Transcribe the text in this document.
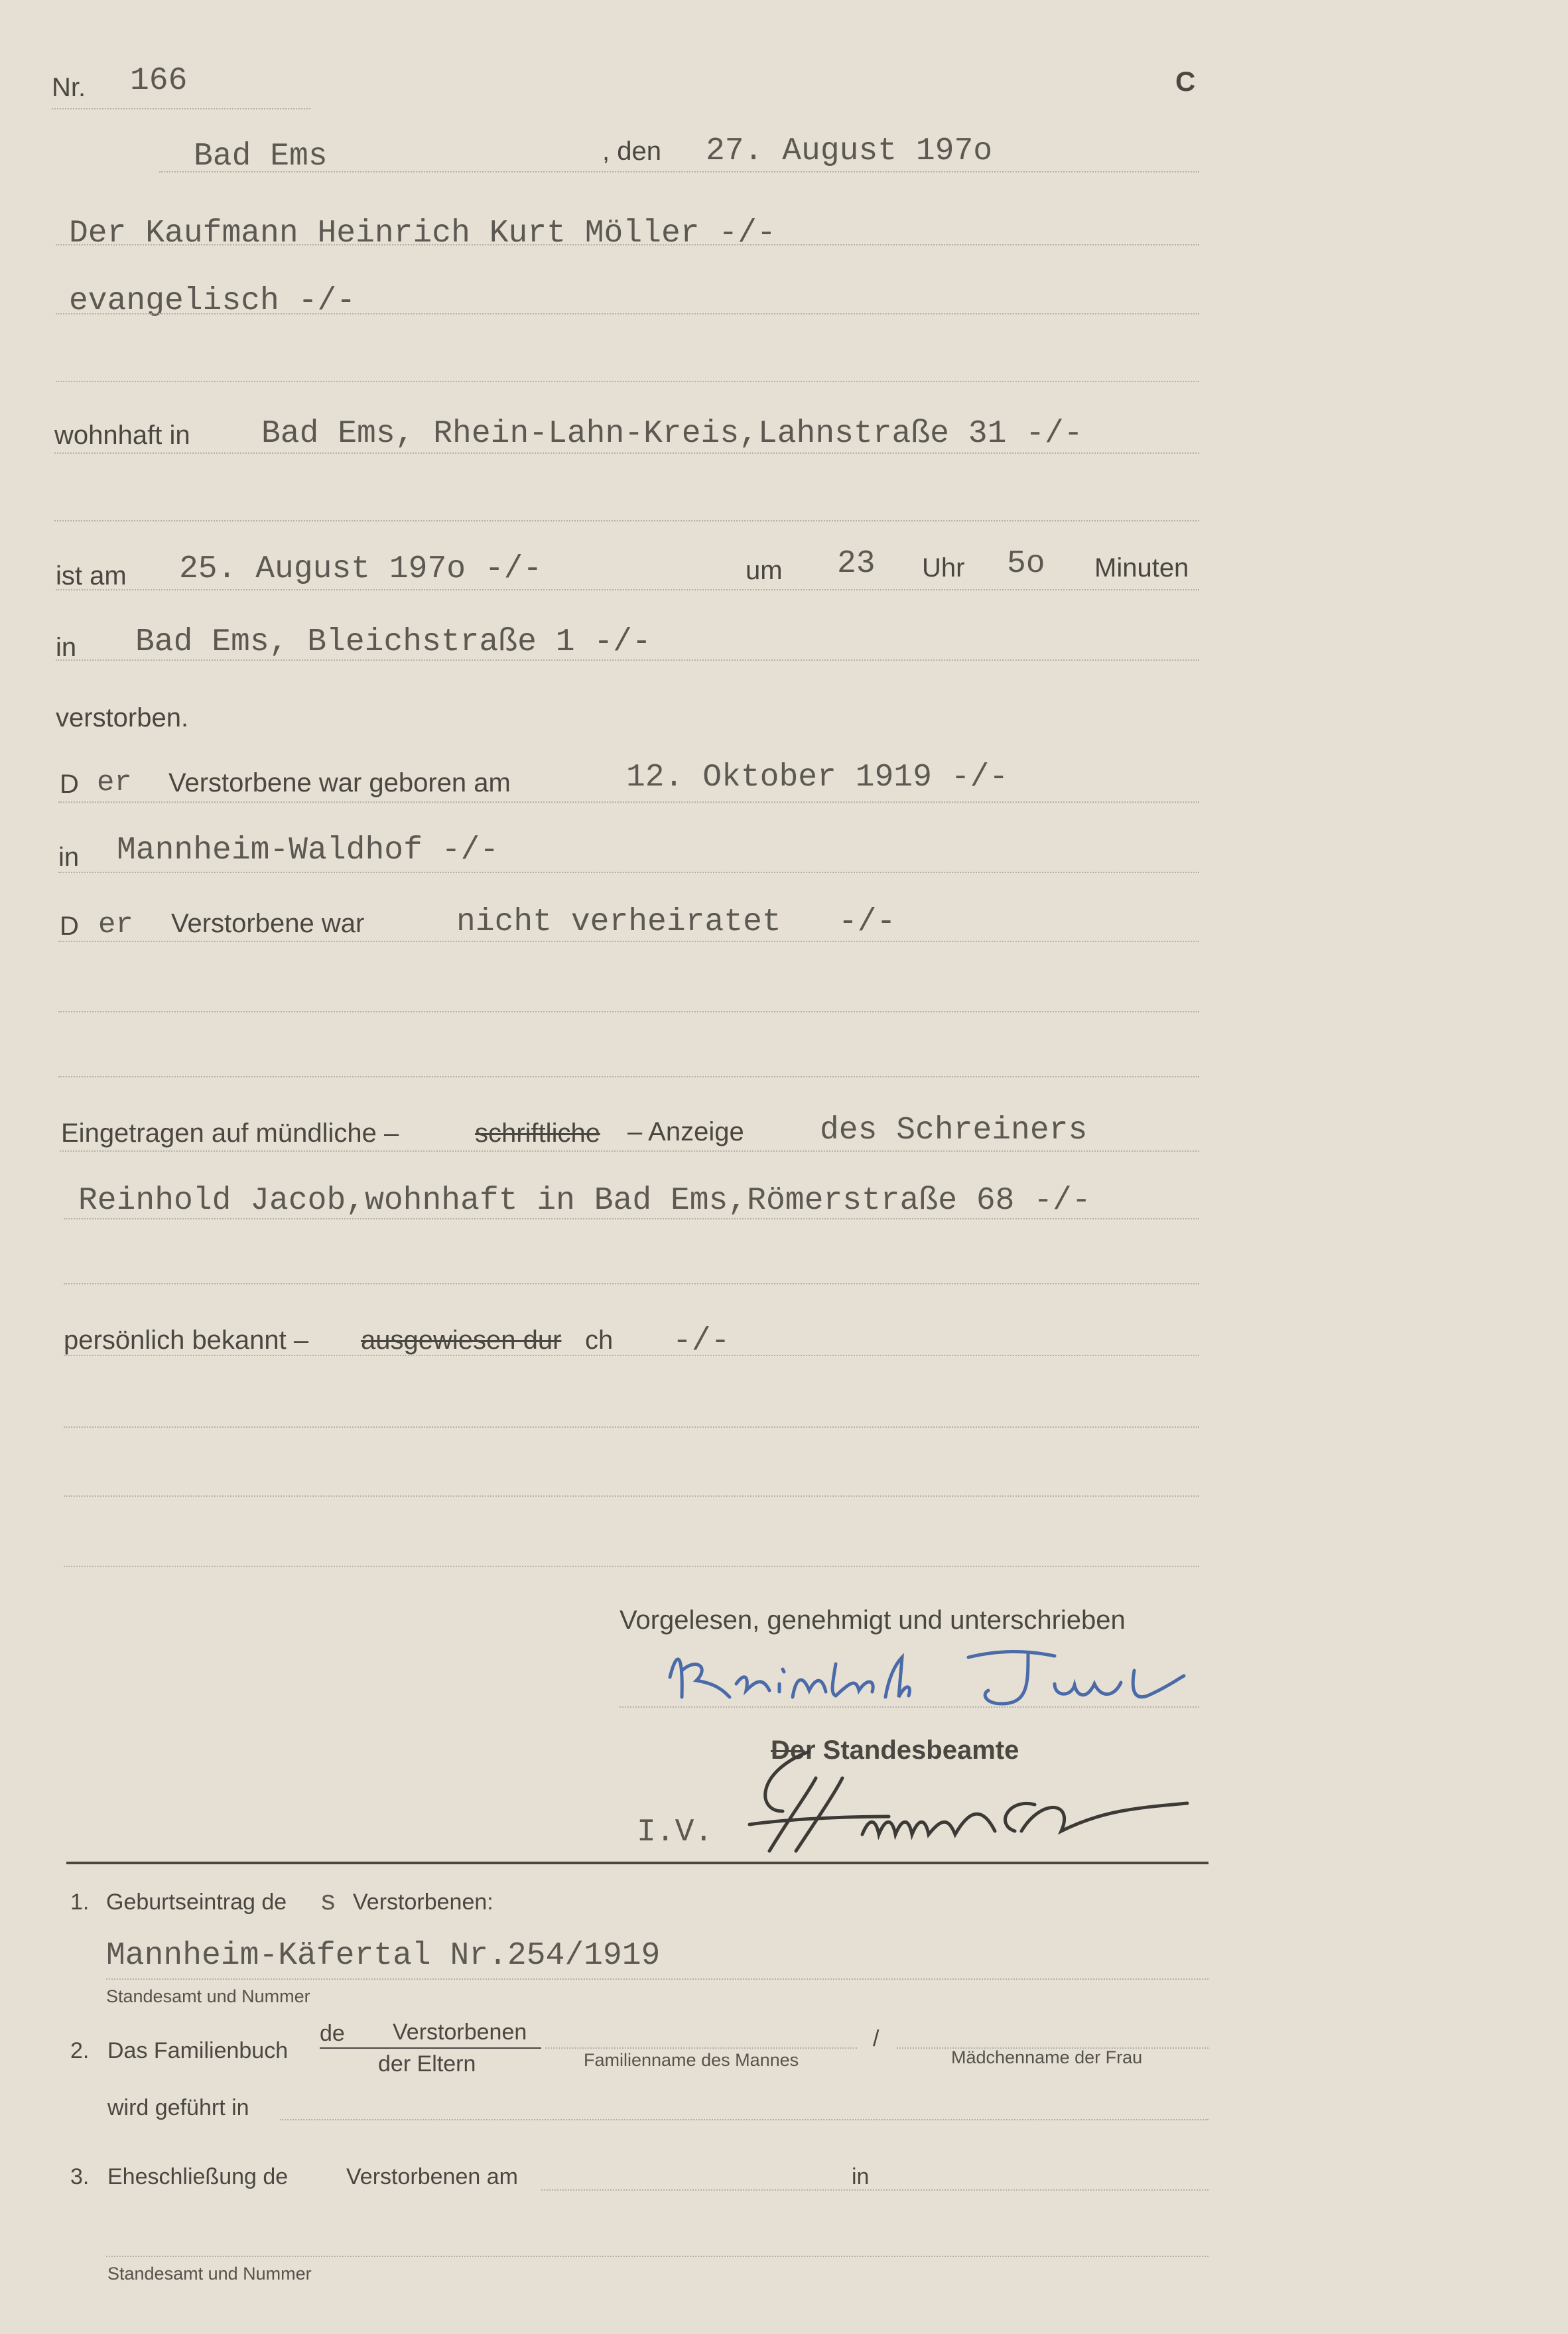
Nr. 166	C
Bad Ems	, den 27. August 197o
Der Kaufmann Heinrich Kurt Möller -/-
evangelisch -/-
wohnhaft in Bad Ems, Rhein-Lahn-Kreis,Lahnstraße 31 -/-
ist am 25. August 197o -/-	um 23 Uhr 5o Minuten
in Bad Ems, Bleichstraße 1 -/-
verstorben.
D er Verstorbene war geboren am	12. Oktober 1919 -/-
in Mannheim-Waldhof -/-
D er Verstorbene war	nicht verheiratet -/-
Eingetragen auf mündliche –	schriftliche – Anzeige des Schreiners
Reinhold Jacob,wohnhaft in Bad Ems,Römerstraße 68 -/-
persönlich bekannt – ausgewiesen dur ch -/-
Vorgelesen, genehmigt und unterschrieben
De r Standesbeamte
I.V.
1. Geburtseintrag de s Verstorbenen:
Mannheim-Käfertal Nr.254/1919
Standesamt und Nummer
2. Das Familienbuch
de Verstorbenen
der Eltern	Familienname des Mannes
/
Mädchenname der Frau
wird geführt in
3. Eheschließung de	Verstorbenen am	in
Standesamt und Nummer
